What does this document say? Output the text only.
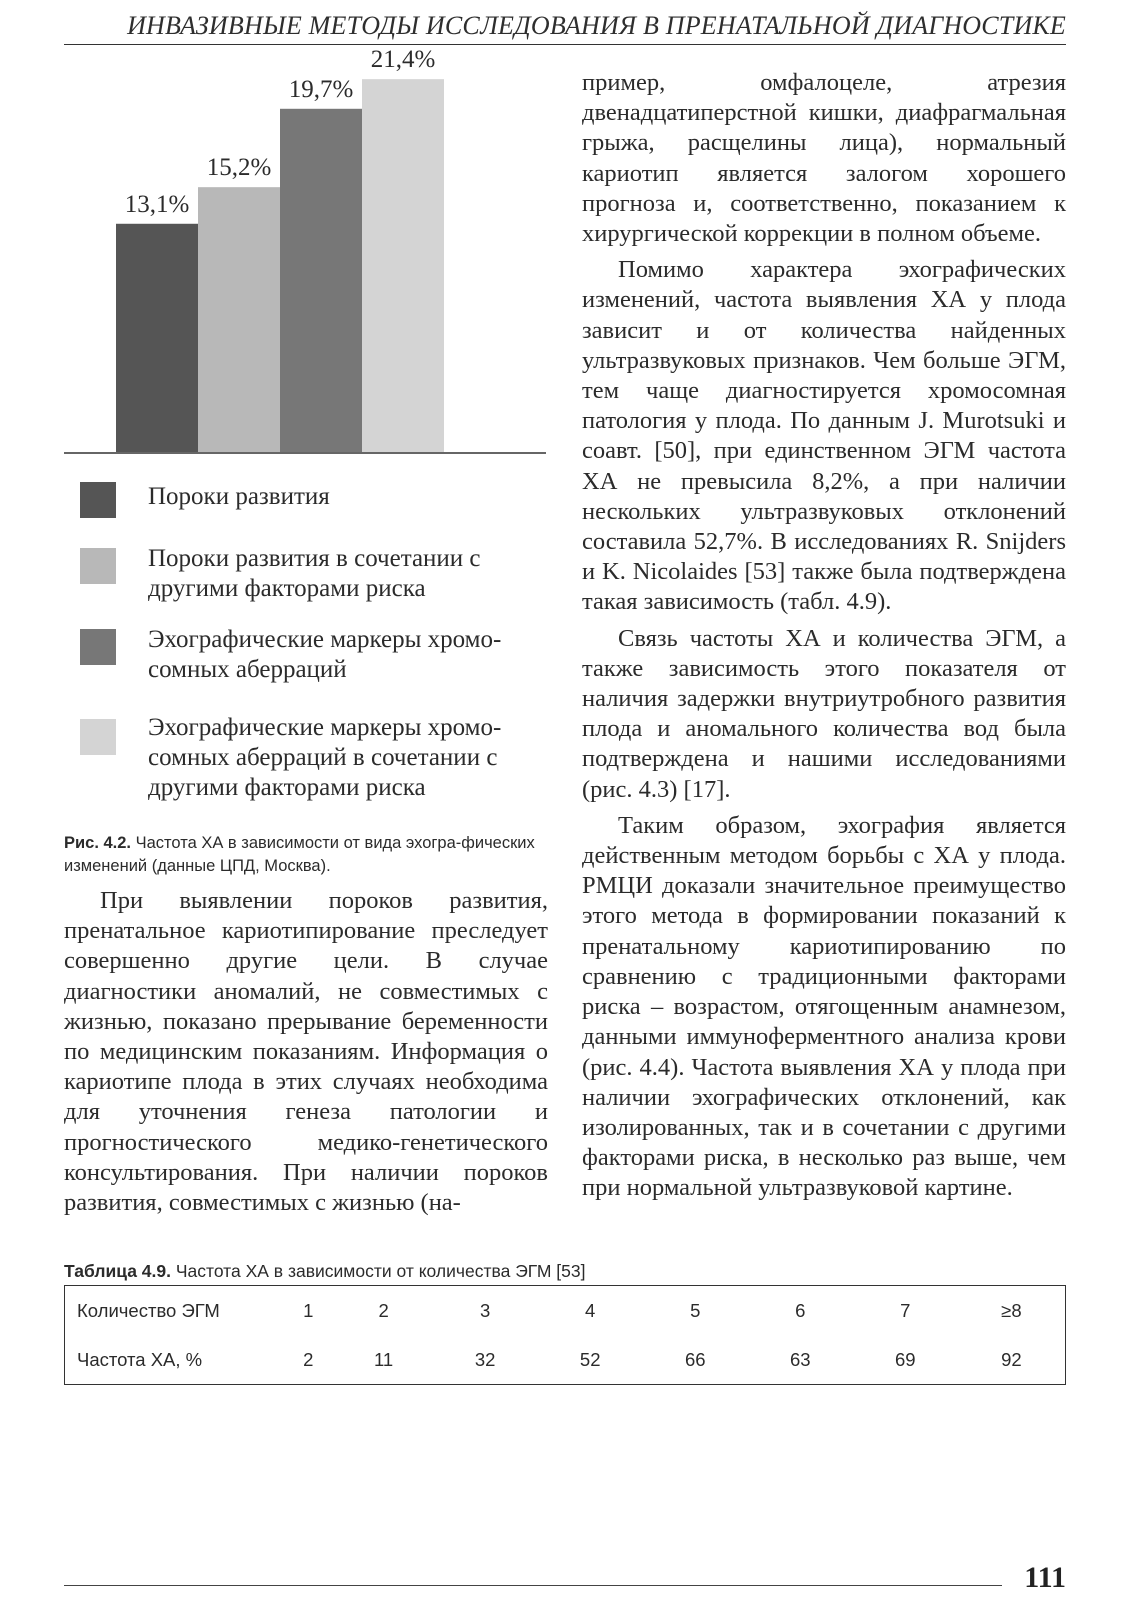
ИНВАЗИВНЫЕ МЕТОДЫ ИССЛЕДОВАНИЯ В ПРЕНАТАЛЬНОЙ ДИАГНОСТИКЕ
13,1%
15,2%
19,7%
21,4%
Пороки развития
Пороки развития в сочетании с
другими факторами риска
Эхографические маркеры хромо-
сомных аберраций
Эхографические маркеры хромо-
сомных аберраций в сочетании с
другими факторами риска
Рис. 4.2. Частота ХА в зависимости от вида эхогра-фических изменений (данные ЦПД, Москва).

При выявлении пороков развития, пренатальное кариотипирование преследует совершенно другие цели. В случае диагностики аномалий, не совместимых с жизнью, показано прерывание беременности по медицинским показаниям. Информация о кариотипе плода в этих случаях необходима для уточнения генеза патологии и прогностического медико-генетического консультирования. При наличии пороков развития, совместимых с жизнью (на-

пример, омфалоцеле, атрезия двенадцатиперстной кишки, диафрагмальная грыжа, расщелины лица), нормальный кариотип является залогом хорошего прогноза и, соответственно, показанием к хирургической коррекции в полном объеме.

Помимо характера эхографических изменений, частота выявления ХА у плода зависит и от количества найденных ультразвуковых признаков. Чем больше ЭГМ, тем чаще диагностируется хромосомная патология у плода. По данным J. Murotsuki и соавт. [50], при единственном ЭГМ частота ХА не превысила 8,2%, а при наличии нескольких ультразвуковых отклонений составила 52,7%. В исследованиях R. Snijders и K. Nicolaides [53] также была подтверждена такая зависимость (табл. 4.9).

Связь частоты ХА и количества ЭГМ, а также зависимость этого показателя от наличия задержки внутриутробного развития плода и аномального количества вод была подтверждена и нашими исследованиями (рис. 4.3) [17].

Таким образом, эхография является действенным методом борьбы с ХА у плода. РМЦИ доказали значительное преимущество этого метода в формировании показаний к пренатальному кариотипированию по сравнению с традиционными факторами риска – возрастом, отягощенным анамнезом, данными иммуноферментного анализа крови (рис. 4.4). Частота выявления ХА у плода при наличии эхографических отклонений, как изолированных, так и в сочетании с другими факторами риска, в несколько раз выше, чем при нормальной ультразвуковой картине.

Таблица 4.9. Частота ХА в зависимости от количества ЭГМ [53]
Количество ЭГМ	1	2	3	4	5	6	7	≥8
Частота ХА, %	2	11	32	52	66	63	69	92
111
